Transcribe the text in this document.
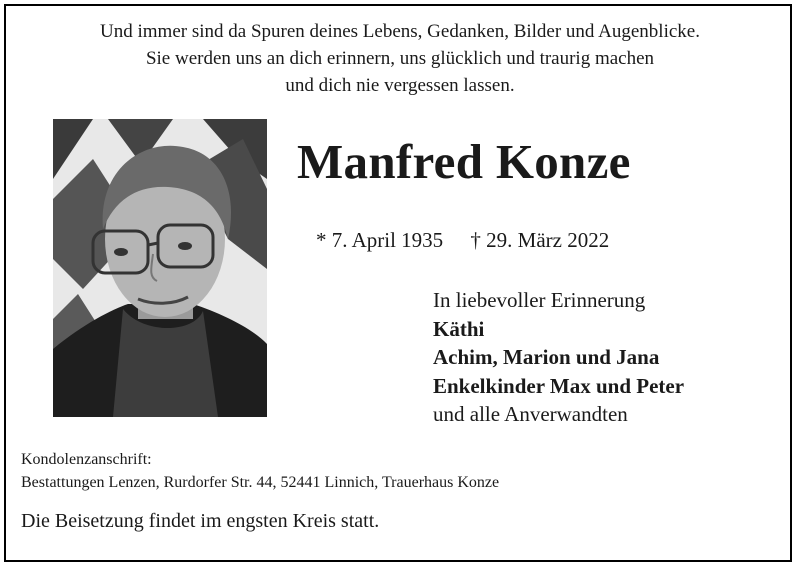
Und immer sind da Spuren deines Lebens, Gedanken, Bilder und Augenblicke.
Sie werden uns an dich erinnern, uns glücklich und traurig machen
und dich nie vergessen lassen.
Manfred Konze
* 7. April 1935 † 29. März 2022
In liebevoller Erinnerung
Käthi
Achim, Marion und Jana
Enkelkinder Max und Peter
und alle Anverwandten
Kondolenzanschrift:
Bestattungen Lenzen, Rurdorfer Str. 44, 52441 Linnich, Trauerhaus Konze
Die Beisetzung findet im engsten Kreis statt.
